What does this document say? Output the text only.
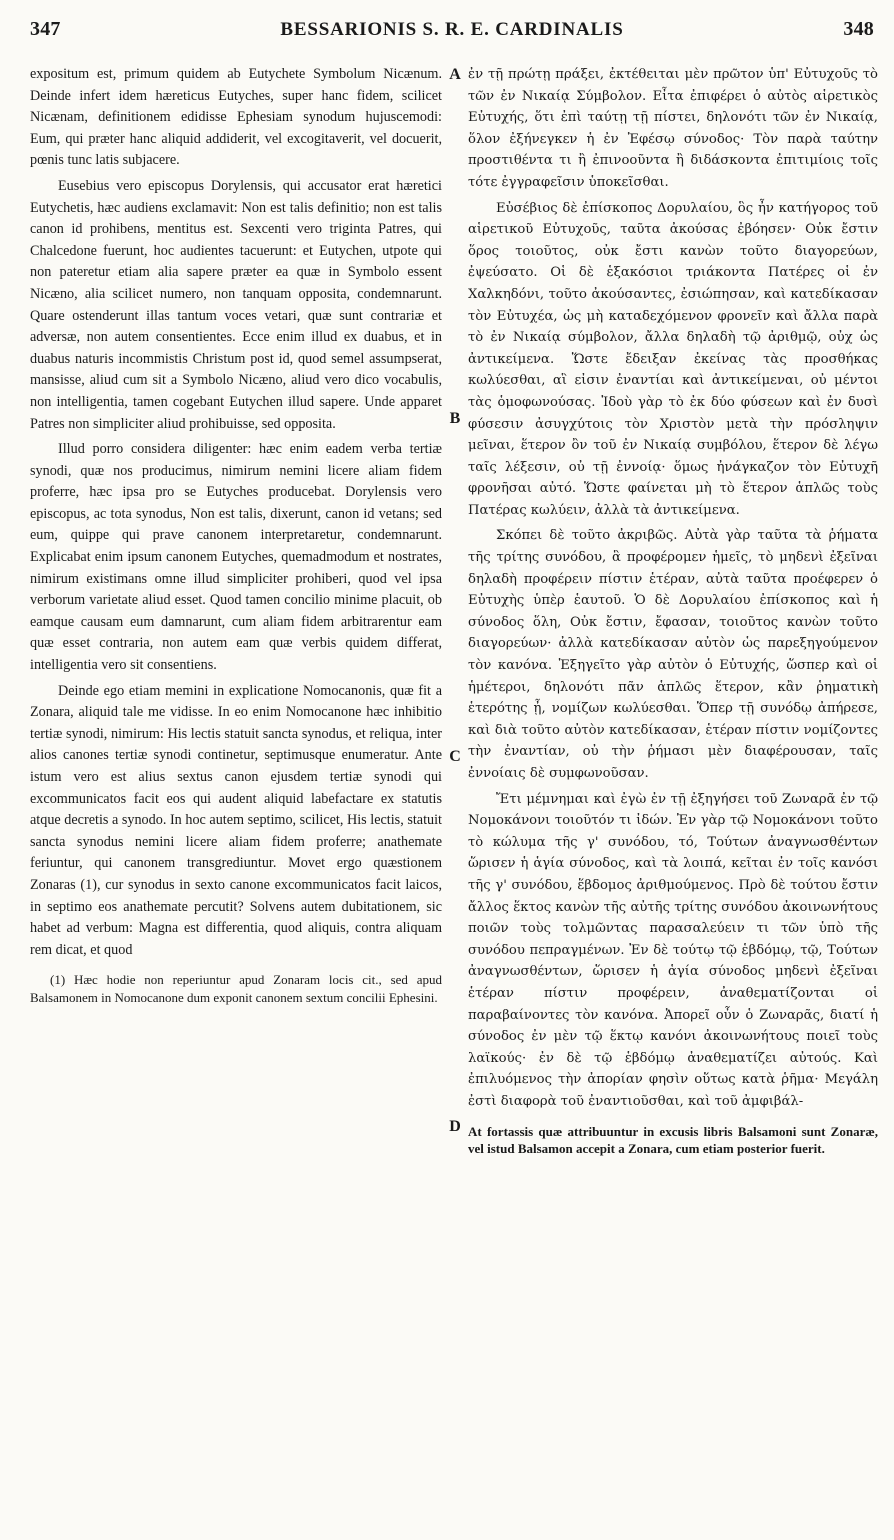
347	BESSARIONIS S. R. E. CARDINALIS	348

expositum est, primum quidem ab Eutychete Symbolum Nicænum. Deinde infert idem hæreticus Eutyches, super hanc fidem, scilicet Nicænam, definitionem edidisse Ephesiam synodum hujuscemodi: Eum, qui præter hanc aliquid addiderit, vel excogitaverit, vel docuerit, pœnis tunc latis subjacere.

Eusebius vero episcopus Dorylensis, qui accusator erat hæretici Eutychetis, hæc audiens exclamavit: Non est talis definitio; non est talis canon id prohibens, mentitus est. Sexcenti vero triginta Patres, qui Chalcedone fuerunt, hoc audientes tacuerunt: et Eutychen, utpote qui non pateretur etiam alia sapere præter ea quæ in Symbolo essent Nicæno, alia scilicet numero, non tanquam opposita, condemnarunt. Quare ostenderunt illas tantum voces vetari, quæ sunt contrariæ et adversæ, non autem consentientes. Ecce enim illud ex duabus, et in duabus naturis incommistis Christum post id, quod semel assumpserat, mansisse, aliud cum sit a Symbolo Nicæno, aliud vero dico vocabulis, non intelligentia, tamen cogebant Eutychen illud sapere. Unde apparet Patres non simpliciter aliud prohibuisse, sed opposita.

Illud porro considera diligenter: hæc enim eadem verba tertiæ synodi, quæ nos producimus, nimirum nemini licere aliam fidem proferre, hæc ipsa pro se Eutyches producebat. Dorylensis vero episcopus, ac tota synodus, Non est talis, dixerunt, canon id vetans; sed eum, quippe qui prave canonem interpretaretur, condemnarunt. Explicabat enim ipsum canonem Eutyches, quemadmodum et nostrates, nimirum existimans omne illud simpliciter prohiberi, quod vel ipsa verborum varietate aliud esset. Quod tamen concilio minime placuit, ob eamque causam eum damnarunt, cum aliam fidem arbitrarentur eam quæ esset contraria, non autem eam quæ verbis quidem differat, intelligentia vero sit consentiens.

Deinde ego etiam memini in explicatione Nomocanonis, quæ fit a Zonara, aliquid tale me vidisse. In eo enim Nomocanone hæc inhibitio tertiæ synodi, nimirum: His lectis statuit sancta synodus, et reliqua, inter alios canones tertiæ synodi continetur, septimusque enumeratur. Ante istum vero est alius sextus canon ejusdem tertiæ synodi qui excommunicatos facit eos qui audent aliquid labefactare ex statutis atque decretis a synodo. In hoc autem septimo, scilicet, His lectis, statuit sancta synodus nemini licere aliam fidem proferre; anathemate feriuntur, qui canonem transgrediuntur. Movet ergo quæstionem Zonaras (1), cur synodus in sexto canone excommunicatos facit laicos, in septimo eos anathemate percutit? Solvens autem dubitationem, sic habet ad verbum: Magna est differentia, quod aliquis, contra aliquam rem dicat, et quod

(1) Hæc hodie non reperiuntur apud Zonaram locis cit., sed apud Balsamonem in Nomocanone dum exponit canonem sextum concilii Ephesini.

A
B
C
D

ἐν τῇ πρώτῃ πράξει, ἐκτέθειται μὲν πρῶτον ὑπ' Εὐτυχοῦς τὸ τῶν ἐν Νικαίᾳ Σύμβολον. Εἶτα ἐπιφέρει ὁ αὐτὸς αἱρετικὸς Εὐτυχής, ὅτι ἐπὶ ταύτῃ τῇ πίστει, δηλονότι τῶν ἐν Νικαίᾳ, ὅλον ἐξήνεγκεν ἡ ἐν Ἐφέσῳ σύνοδος· Τὸν παρὰ ταύτην προστιθέντα τι ἢ ἐπινοοῦντα ἢ διδάσκοντα ἐπιτιμίοις τοῖς τότε ἐγγραφεῖσιν ὑποκεῖσθαι.

Εὐσέβιος δὲ ἐπίσκοπος Δορυλαίου, ὃς ἦν κατήγορος τοῦ αἱρετικοῦ Εὐτυχοῦς, ταῦτα ἀκούσας ἐβόησεν· Οὐκ ἔστιν ὅρος τοιοῦτος, οὐκ ἔστι κανὼν τοῦτο διαγορεύων, ἐψεύσατο. Οἱ δὲ ἑξακόσιοι τριάκοντα Πατέρες οἱ ἐν Χαλκηδόνι, τοῦτο ἀκούσαντες, ἐσιώπησαν, καὶ κατεδίκασαν τὸν Εὐτυχέα, ὡς μὴ καταδεχόμενον φρονεῖν καὶ ἄλλα παρὰ τὸ ἐν Νικαίᾳ σύμβολον, ἄλλα δηλαδὴ τῷ ἀριθμῷ, οὐχ ὡς ἀντικείμενα. Ὥστε ἔδειξαν ἐκείνας τὰς προσθήκας κωλύεσθαι, αἳ εἰσιν ἐναντίαι καὶ ἀντικείμεναι, οὐ μέντοι τὰς ὁμοφωνούσας. Ἰδοὺ γὰρ τὸ ἐκ δύο φύσεων καὶ ἐν δυσὶ φύσεσιν ἀσυγχύτοις τὸν Χριστὸν μετὰ τὴν πρόσληψιν μεῖναι, ἕτερον ὂν τοῦ ἐν Νικαίᾳ συμβόλου, ἕτερον δὲ λέγω ταῖς λέξεσιν, οὐ τῇ ἐννοίᾳ· ὅμως ἠνάγκαζον τὸν Εὐτυχῆ φρονῆσαι αὐτό. Ὥστε φαίνεται μὴ τὸ ἕτερον ἁπλῶς τοὺς Πατέρας κωλύειν, ἀλλὰ τὰ ἀντικείμενα.

Σκόπει δὲ τοῦτο ἀκριβῶς. Αὐτὰ γὰρ ταῦτα τὰ ῥήματα τῆς τρίτης συνόδου, ἃ προφέρομεν ἡμεῖς, τὸ μηδενὶ ἐξεῖναι δηλαδὴ προφέρειν πίστιν ἑτέραν, αὐτὰ ταῦτα προέφερεν ὁ Εὐτυχὴς ὑπὲρ ἑαυτοῦ. Ὁ δὲ Δορυλαίου ἐπίσκοπος καὶ ἡ σύνοδος ὅλη, Οὐκ ἔστιν, ἔφασαν, τοιοῦτος κανὼν τοῦτο διαγορεύων· ἀλλὰ κατεδίκασαν αὐτὸν ὡς παρεξηγούμενον τὸν κανόνα. Ἐξηγεῖτο γὰρ αὐτὸν ὁ Εὐτυχής, ὥσπερ καὶ οἱ ἡμέτεροι, δηλονότι πᾶν ἁπλῶς ἕτερον, κἂν ῥηματικὴ ἑτερότης ᾖ, νομίζων κωλύεσθαι. Ὅπερ τῇ συνόδῳ ἀπήρεσε, καὶ διὰ τοῦτο αὐτὸν κατεδίκασαν, ἑτέραν πίστιν νομίζοντες τὴν ἐναντίαν, οὐ τὴν ῥήμασι μὲν διαφέρουσαν, ταῖς ἐννοίαις δὲ συμφωνοῦσαν.

Ἔτι μέμνημαι καὶ ἐγὼ ἐν τῇ ἐξηγήσει τοῦ Ζωναρᾶ ἐν τῷ Νομοκάνονι τοιοῦτόν τι ἰδών. Ἐν γὰρ τῷ Νομοκάνονι τοῦτο τὸ κώλυμα τῆς γ' συνόδου, τό, Τούτων ἀναγνωσθέντων ὥρισεν ἡ ἁγία σύνοδος, καὶ τὰ λοιπά, κεῖται ἐν τοῖς κανόσι τῆς γ' συνόδου, ἕβδομος ἀριθμούμενος. Πρὸ δὲ τούτου ἔστιν ἄλλος ἕκτος κανὼν τῆς αὐτῆς τρίτης συνόδου ἀκοινωνήτους ποιῶν τοὺς τολμῶντας παρασαλεύειν τι τῶν ὑπὸ τῆς συνόδου πεπραγμένων. Ἐν δὲ τούτῳ τῷ ἑβδόμῳ, τῷ, Τούτων ἀναγνωσθέντων, ὥρισεν ἡ ἁγία σύνοδος μηδενὶ ἐξεῖναι ἑτέραν πίστιν προφέρειν, ἀναθεματίζονται οἱ παραβαίνοντες τὸν κανόνα. Ἀπορεῖ οὖν ὁ Ζωναρᾶς, διατί ἡ σύνοδος ἐν μὲν τῷ ἕκτῳ κανόνι ἀκοινωνήτους ποιεῖ τοὺς λαϊκούς· ἐν δὲ τῷ ἑβδόμῳ ἀναθεματίζει αὐτούς. Καὶ ἐπιλυόμενος τὴν ἀπορίαν φησὶν οὕτως κατὰ ῥῆμα· Μεγάλη ἐστὶ διαφορὰ τοῦ ἐναντιοῦσθαι, καὶ τοῦ ἀμφιβάλ-

At fortassis quæ attribuuntur in excusis libris Balsamoni sunt Zonaræ, vel istud Balsamon accepit a Zonara, cum etiam posterior fuerit.
